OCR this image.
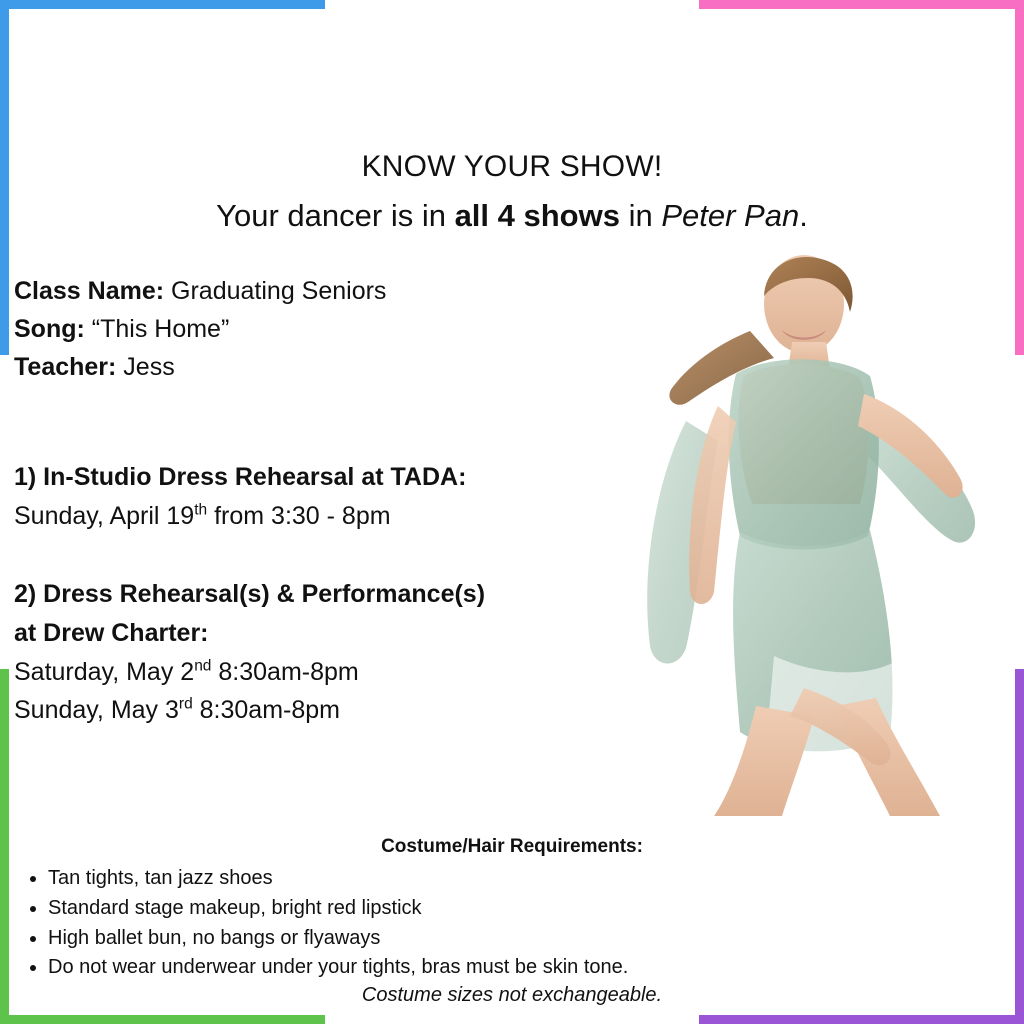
KNOW YOUR SHOW!
Your dancer is in all 4 shows in Peter Pan.
Class Name: Graduating Seniors
Song: “This Home”
Teacher: Jess
1) In-Studio Dress Rehearsal at TADA:
Sunday, April 19th from 3:30 - 8pm
2) Dress Rehearsal(s) & Performance(s)
at Drew Charter:
Saturday, May 2nd 8:30am-8pm
Sunday, May 3rd 8:30am-8pm
Costume/Hair Requirements:
• Tan tights, tan jazz shoes
• Standard stage makeup, bright red lipstick
• High ballet bun, no bangs or flyaways
• Do not wear underwear under your tights, bras must be skin tone.
Costume sizes not exchangeable.
